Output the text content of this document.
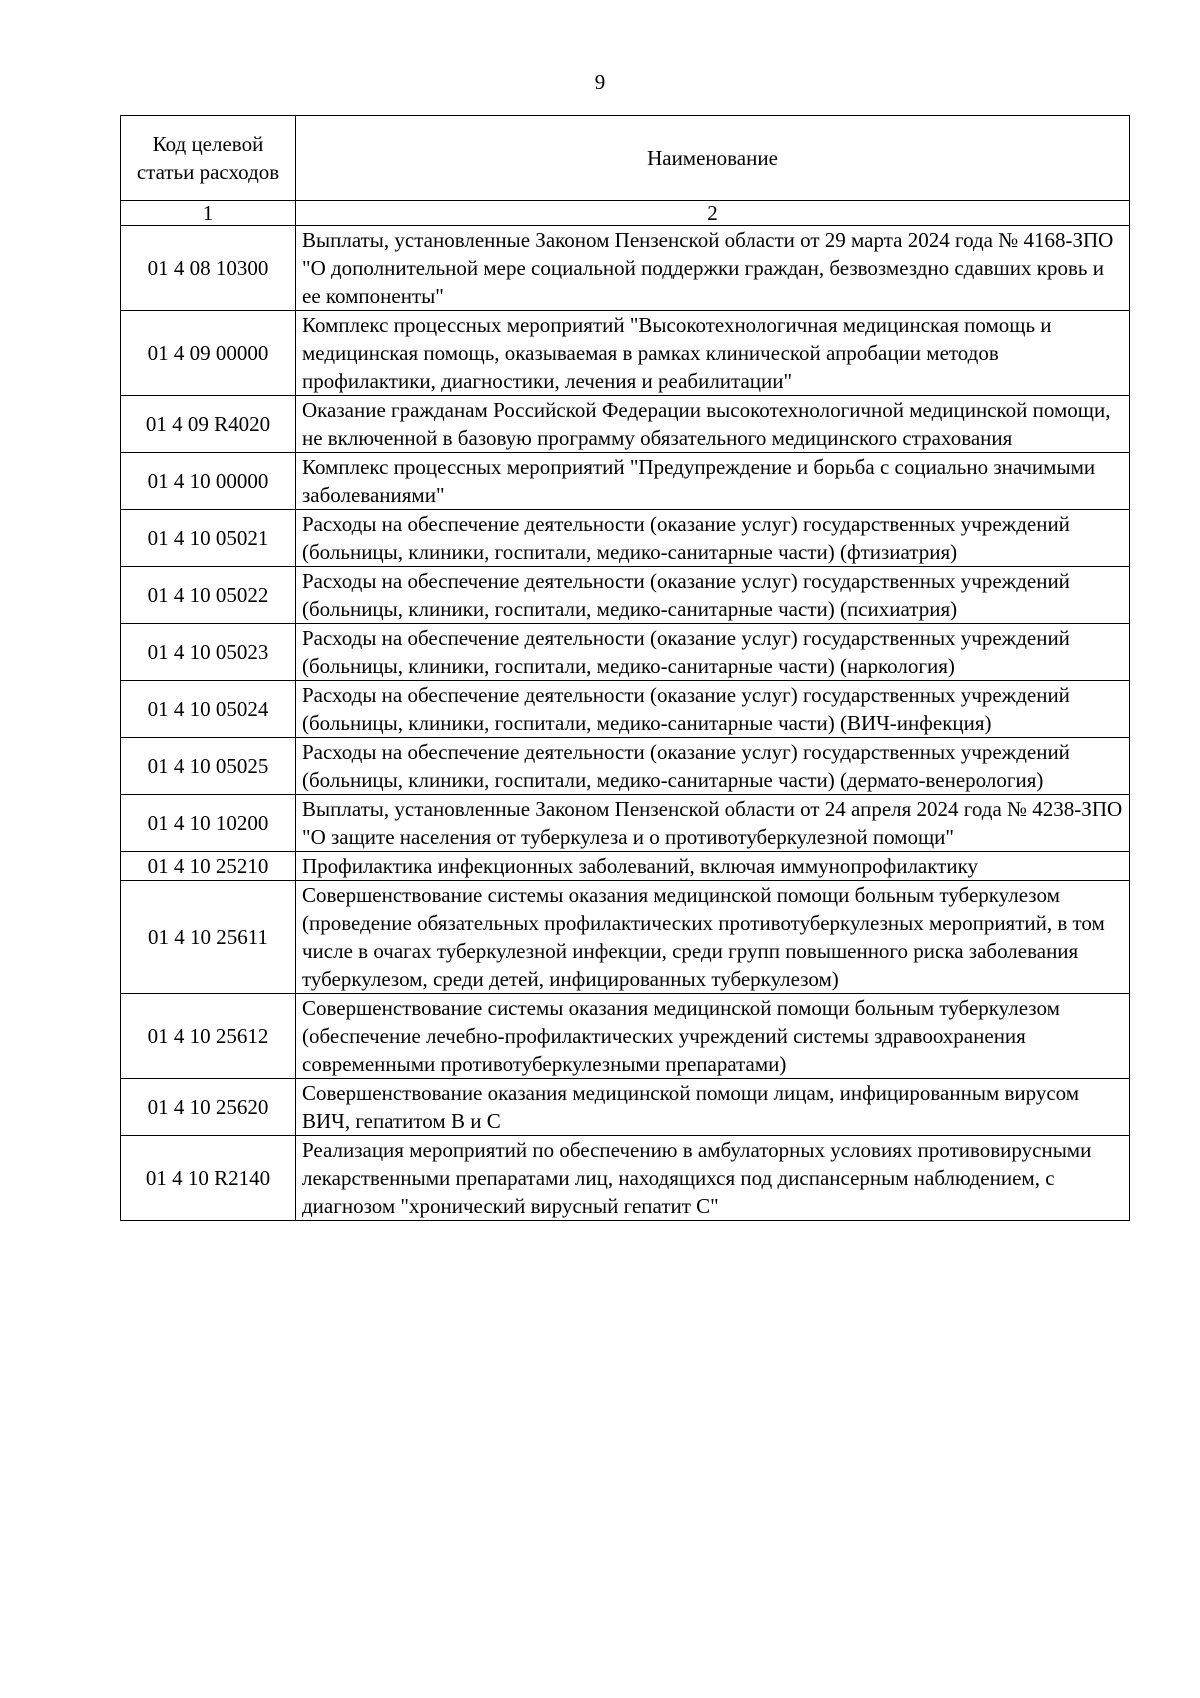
9
Код целевой статьи расходов	Наименование
1	2
01 4 08 10300	Выплаты, установленные Законом Пензенской области от 29 марта 2024 года № 4168-ЗПО "О дополнительной мере социальной поддержки граждан, безвозмездно сдавших кровь и ее компоненты"
01 4 09 00000	Комплекс процессных мероприятий "Высокотехнологичная медицинская помощь и медицинская помощь, оказываемая в рамках клинической апробации методов профилактики, диагностики, лечения и реабилитации"
01 4 09 R4020	Оказание гражданам Российской Федерации высокотехнологичной медицинской помощи, не включенной в базовую программу обязательного медицинского страхования
01 4 10 00000	Комплекс процессных мероприятий "Предупреждение и борьба с социально значимыми заболеваниями"
01 4 10 05021	Расходы на обеспечение деятельности (оказание услуг) государственных учреждений (больницы, клиники, госпитали, медико-санитарные части) (фтизиатрия)
01 4 10 05022	Расходы на обеспечение деятельности (оказание услуг) государственных учреждений (больницы, клиники, госпитали, медико-санитарные части) (психиатрия)
01 4 10 05023	Расходы на обеспечение деятельности (оказание услуг) государственных учреждений (больницы, клиники, госпитали, медико-санитарные части) (наркология)
01 4 10 05024	Расходы на обеспечение деятельности (оказание услуг) государственных учреждений (больницы, клиники, госпитали, медико-санитарные части) (ВИЧ-инфекция)
01 4 10 05025	Расходы на обеспечение деятельности (оказание услуг) государственных учреждений (больницы, клиники, госпитали, медико-санитарные части) (дермато-венерология)
01 4 10 10200	Выплаты, установленные Законом Пензенской области от 24 апреля 2024 года № 4238-ЗПО "О защите населения от туберкулеза и о противотуберкулезной помощи"
01 4 10 25210	Профилактика инфекционных заболеваний, включая иммунопрофилактику
01 4 10 25611	Совершенствование системы оказания медицинской помощи больным туберкулезом (проведение обязательных профилактических противотуберкулезных мероприятий, в том числе в очагах туберкулезной инфекции, среди групп повышенного риска заболевания туберкулезом, среди детей, инфицированных туберкулезом)
01 4 10 25612	Совершенствование системы оказания медицинской помощи больным туберкулезом (обеспечение лечебно-профилактических учреждений системы здравоохранения современными противотуберкулезными препаратами)
01 4 10 25620	Совершенствование оказания медицинской помощи лицам, инфицированным вирусом ВИЧ, гепатитом В и С
01 4 10 R2140	Реализация мероприятий по обеспечению в амбулаторных условиях противовирусными лекарственными препаратами лиц, находящихся под диспансерным наблюдением, с диагнозом "хронический вирусный гепатит С"
